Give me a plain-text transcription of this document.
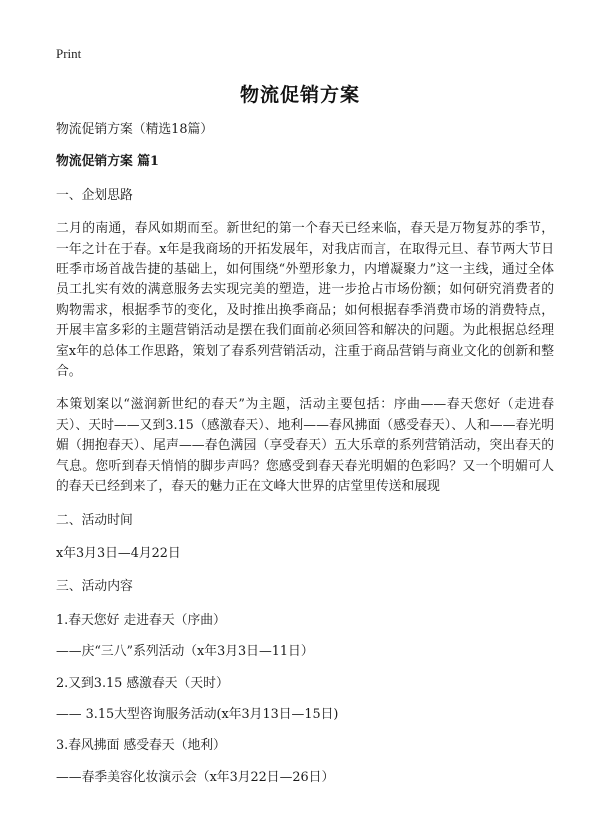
Print
物流促销方案

物流促销方案（精选18篇）

物流促销方案 篇1

一、企划思路

二月的南通，春风如期而至。新世纪的第一个春天已经来临，春天是万物复苏的季节，一年之计在于春。x年是我商场的开拓发展年，对我店而言，在取得元旦、春节两大节日旺季市场首战告捷的基础上，如何围绕“外塑形象力，内增凝聚力”这一主线，通过全体员工扎实有效的满意服务去实现完美的塑造，进一步抢占市场份额；如何研究消费者的购物需求，根据季节的变化，及时推出换季商品；如何根据春季消费市场的消费特点，开展丰富多彩的主题营销活动是摆在我们面前必须回答和解决的问题。为此根据总经理室x年的总体工作思路，策划了春系列营销活动，注重于商品营销与商业文化的创新和整合。

本策划案以“滋润新世纪的春天”为主题，活动主要包括：序曲——春天您好（走进春天）、天时——又到3.15（感激春天）、地利——春风拂面（感受春天）、人和——春光明媚（拥抱春天）、尾声——春色满园（享受春天）五大乐章的系列营销活动，突出春天的气息。您听到春天悄悄的脚步声吗？您感受到春天春光明媚的色彩吗？又一个明媚可人的春天已经到来了，春天的魅力正在文峰大世界的店堂里传送和展现

二、活动时间

x年3月3日—4月22日

三、活动内容

1.春天您好 走进春天（序曲）

——庆“三八”系列活动（x年3月3日—11日）

2.又到3.15 感激春天（天时）

—— 3.15大型咨询服务活动(x年3月13日—15日)

3.春风拂面 感受春天（地利）

——春季美容化妆演示会（x年3月22日—26日）
